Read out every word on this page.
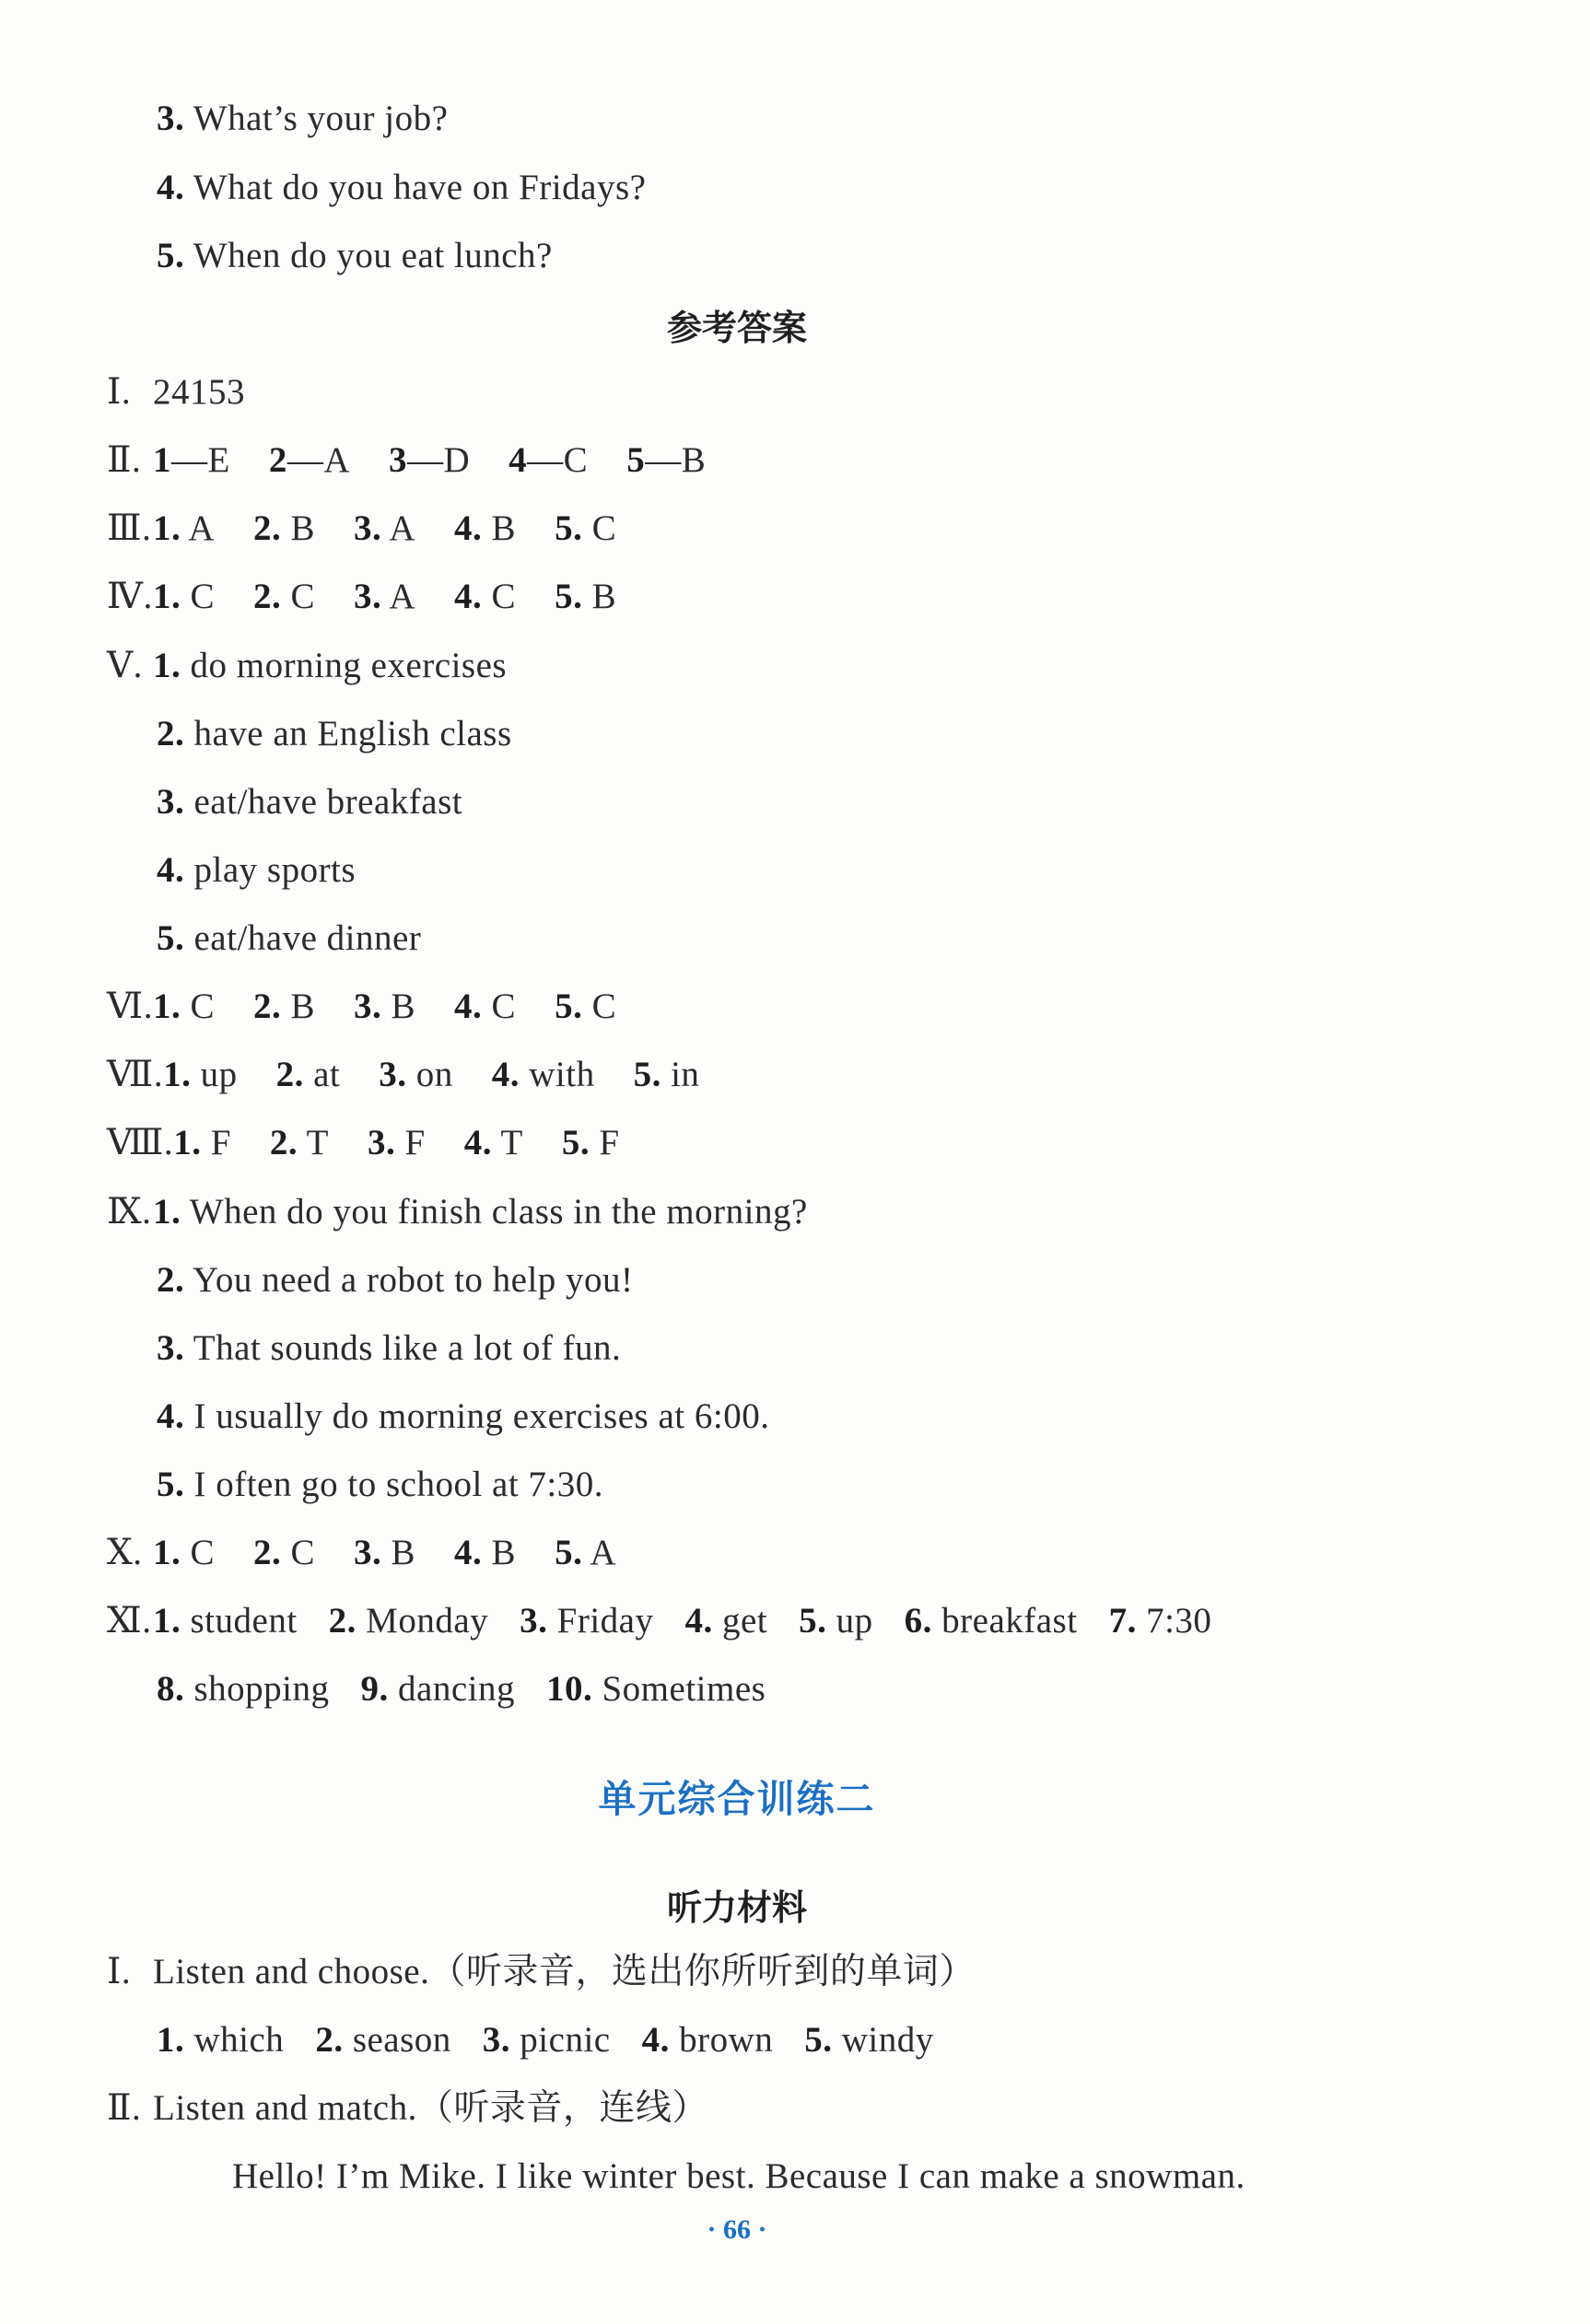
3. What’s your job?
4. What do you have on Fridays?
5. When do you eat lunch?
参考答案
Ⅰ. 24153
Ⅱ. 1—E 2—A 3—D 4—C 5—B
Ⅲ.1. A 2. B 3. A 4. B 5. C
Ⅳ.1. C 2. C 3. A 4. C 5. B
Ⅴ. 1. do morning exercises
2. have an English class
3. eat/have breakfast
4. play sports
5. eat/have dinner
Ⅵ.1. C 2. B 3. B 4. C 5. C
Ⅶ.1. up 2. at 3. on 4. with 5. in
Ⅷ.1. F 2. T 3. F 4. T 5. F
Ⅸ.1. When do you finish class in the morning?
2. You need a robot to help you!
3. That sounds like a lot of fun.
4. I usually do morning exercises at 6:00.
5. I often go to school at 7:30.
Ⅹ. 1. C 2. C 3. B 4. B 5. A
Ⅺ.1. student 2. Monday 3. Friday 4. get 5. up 6. breakfast 7. 7:30
8. shopping 9. dancing 10. Sometimes
单元综合训练二
听力材料
Ⅰ. Listen and choose.（听录音，选出你所听到的单词）
1. which 2. season 3. picnic 4. brown 5. windy
Ⅱ. Listen and match.（听录音，连线）
Hello! I’m Mike. I like winter best. Because I can make a snowman.
· 66 ·
